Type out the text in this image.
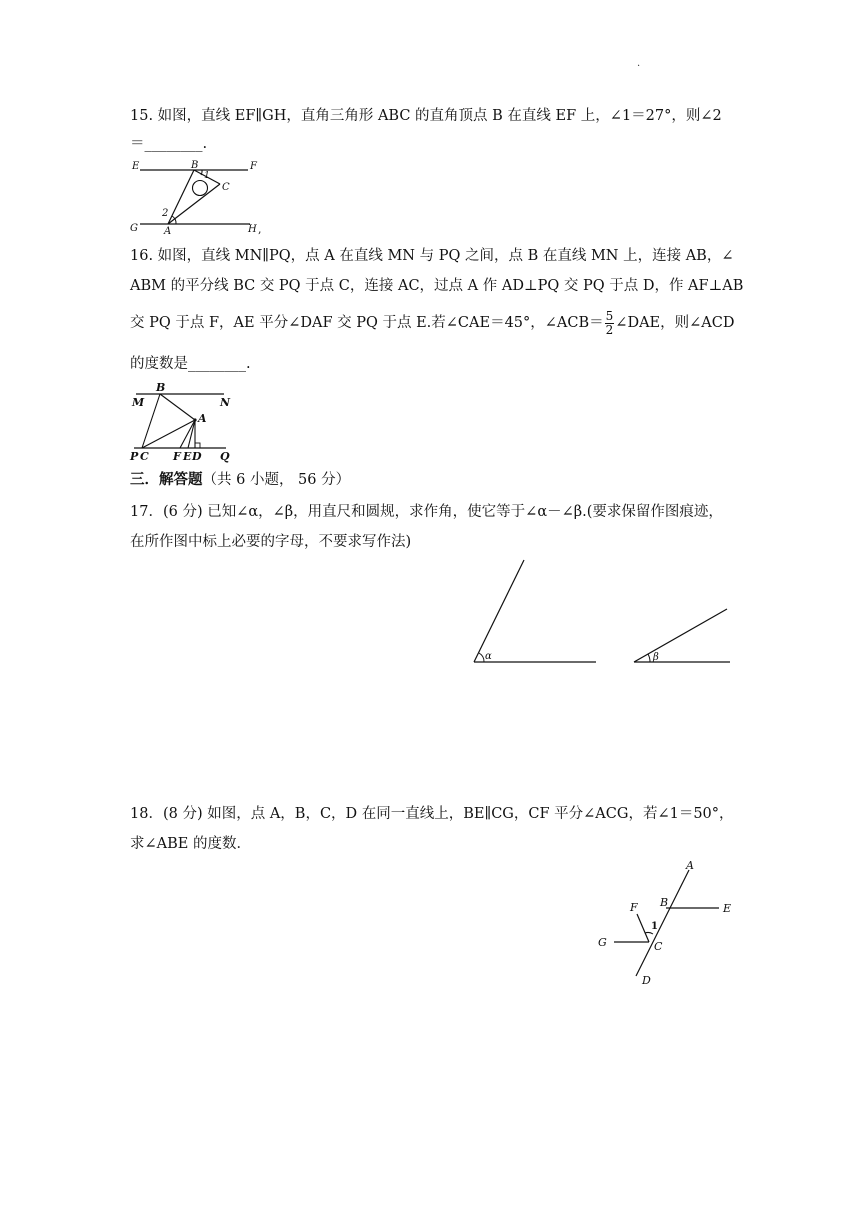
.
15. 如图，直线 EF∥GH，直角三角形 ABC 的直角顶点 B 在直线 EF 上，∠1＝27°，则∠2
＝________.
E	B	F
1
C
2
G	A	H ,
16. 如图，直线 MN∥PQ，点 A 在直线 MN 与 PQ 之间，点 B 在直线 MN 上，连接 AB，∠
ABM 的平分线 BC 交 PQ 于点 C，连接 AC，过点 A 作 AD⊥PQ 交 PQ 于点 D，作 AF⊥AB
交 PQ 于点 F，AE 平分∠DAF 交 PQ 于点 E.若∠CAE＝45°，∠ACB＝ $\frac{5}{2}$ ∠DAE，则∠ACD
的度数是________.
B
M	N
A
P C F E D Q
三．解答题（共 6 小题， 56 分）
17．(6 分) 已知∠α，∠β，用直尺和圆规，求作角，使它等于∠α－∠β.(要求保留作图痕迹，
在所作图中标上必要的字母，不要求写作法)
α	β
18．(8 分) 如图，点 A，B，C，D 在同一直线上，BE∥CG，CF 平分∠ACG，若∠1＝50°，
求∠ABE 的度数．
A
F B	E
1
G	C
D
